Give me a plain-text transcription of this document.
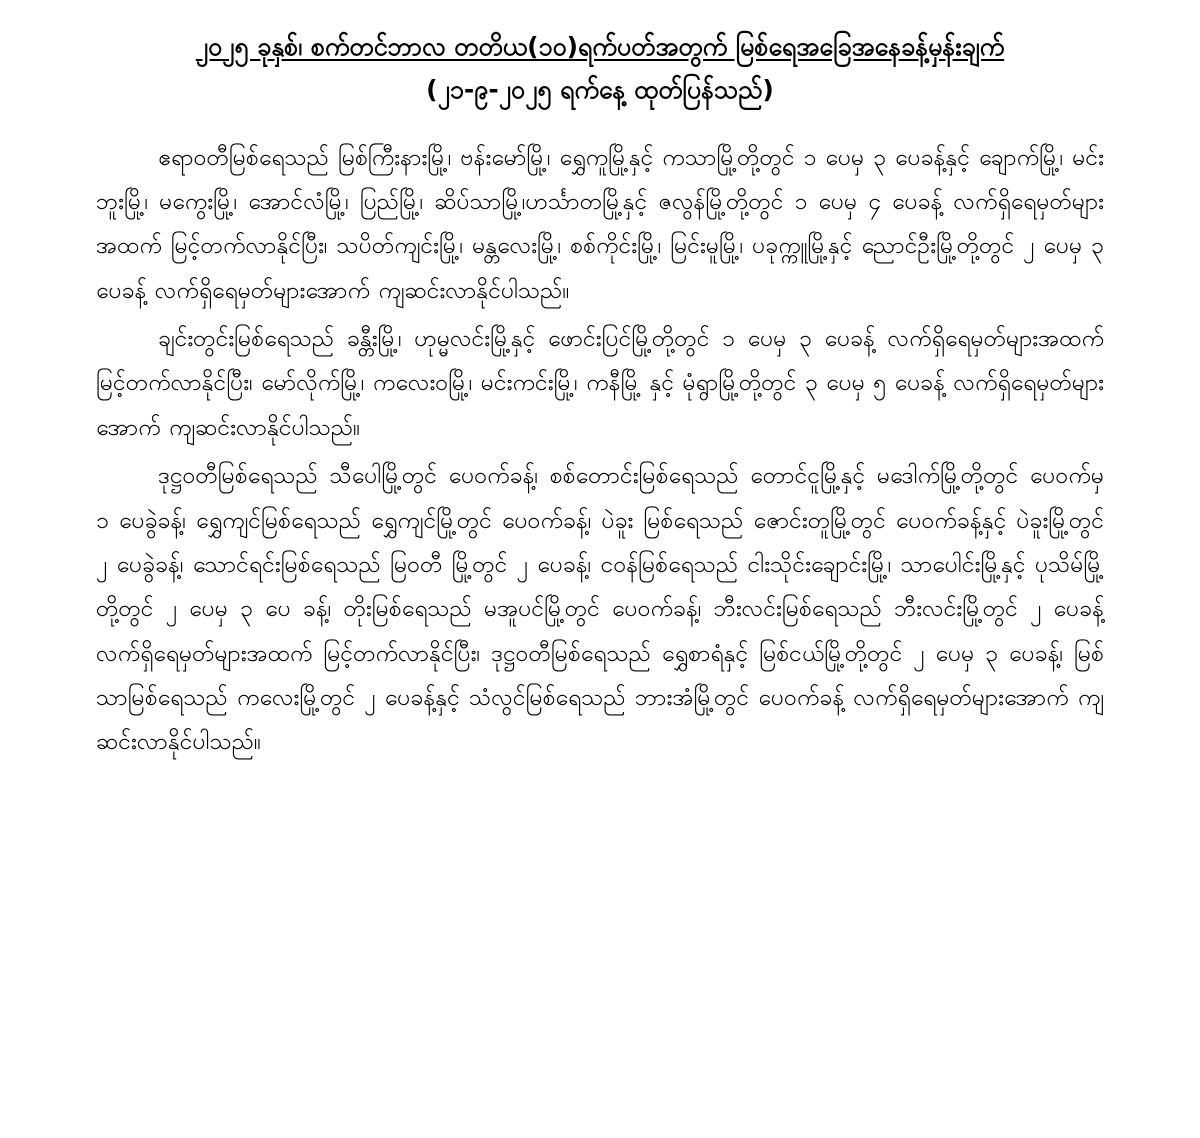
၂၀၂၅ ခုနှစ်၊ စက်တင်ဘာလ တတိယ(၁၀)ရက်ပတ်အတွက် မြစ်ရေအခြေအနေခန့်မှန်းချက်
(၂၁-၉-၂၀၂၅ ရက်နေ့ ထုတ်ပြန်သည်)

ဧရာဝတီမြစ်ရေသည် မြစ်ကြီးနားမြို့၊ ဗန်းမော်မြို့၊ ရွှေကူမြို့နှင့် ကသာမြို့တို့တွင် ၁ ပေမှ ၃ ပေခန့်နှင့် ချောက်မြို့၊ မင်းဘူးမြို့၊ မကွေးမြို့၊ အောင်လံမြို့၊ ပြည်မြို့၊ ဆိပ်သာမြို့၊ဟင်္သာတမြို့နှင့် ဇလွန်မြို့တို့တွင် ၁ ပေမှ ၄ ပေခန့် လက်ရှိရေမှတ်များအထက် မြင့်တက်လာနိုင်ပြီး၊ သပိတ်ကျင်းမြို့၊ မန္တလေးမြို့၊ စစ်ကိုင်းမြို့၊ မြင်းမူမြို့၊ ပခုက္ကူမြို့နှင့် ညောင်ဦးမြို့တို့တွင် ၂ ပေမှ ၃ ပေခန့် လက်ရှိရေမှတ်များအောက် ကျဆင်းလာနိုင်ပါသည်။

ချင်းတွင်းမြစ်ရေသည် ခန္တီးမြို့၊ ဟုမ္မလင်းမြို့နှင့် ဖောင်းပြင်မြို့တို့တွင် ၁ ပေမှ ၃ ပေခန့် လက်ရှိရေမှတ်များအထက် မြင့်တက်လာနိုင်ပြီး၊ မော်လိုက်မြို့၊ ကလေးဝမြို့၊ မင်းကင်းမြို့၊ ကနီမြို့ နှင့် မုံရွာမြို့တို့တွင် ၃ ပေမှ ၅ ပေခန့် လက်ရှိရေမှတ်များအောက် ကျဆင်းလာနိုင်ပါသည်။

ဒုဋ္ဌဝတီမြစ်ရေသည် သီပေါမြို့တွင် ပေဝက်ခန့်၊ စစ်တောင်းမြစ်ရေသည် တောင်ငူမြို့နှင့် မဒေါက်မြို့တို့တွင် ပေဝက်မှ ၁ ပေခွဲခန့်၊ ရွှေကျင်မြစ်ရေသည် ရွှေကျင်မြို့တွင် ပေဝက်ခန့်၊ ပဲခူး မြစ်ရေသည် ဇောင်းတူမြို့တွင် ပေဝက်ခန့်နှင့် ပဲခူးမြို့တွင် ၂ ပေခွဲခန့်၊ သောင်ရင်းမြစ်ရေသည် မြဝတီ မြို့တွင် ၂ ပေခန့်၊ ငဝန်မြစ်ရေသည် ငါးသိုင်းချောင်းမြို့၊ သာပေါင်းမြို့နှင့် ပုသိမ်မြို့တို့တွင် ၂ ပေမှ ၃ ပေ ခန့်၊ တိုးမြစ်ရေသည် မအူပင်မြို့တွင် ပေဝက်ခန့်၊ ဘီးလင်းမြစ်ရေသည် ဘီးလင်းမြို့တွင် ၂ ပေခန့် လက်ရှိရေမှတ်များအထက် မြင့်တက်လာနိုင်ပြီး၊ ဒုဋ္ဌဝတီမြစ်ရေသည် ရွှေစာရံနှင့် မြစ်ငယ်မြို့တို့တွင် ၂ ပေမှ ၃ ပေခန့်၊ မြစ်သာမြစ်ရေသည် ကလေးမြို့တွင် ၂ ပေခန့်နှင့် သံလွင်မြစ်ရေသည် ဘားအံမြို့တွင် ပေဝက်ခန့် လက်ရှိရေမှတ်များအောက် ကျဆင်းလာနိုင်ပါသည်။
